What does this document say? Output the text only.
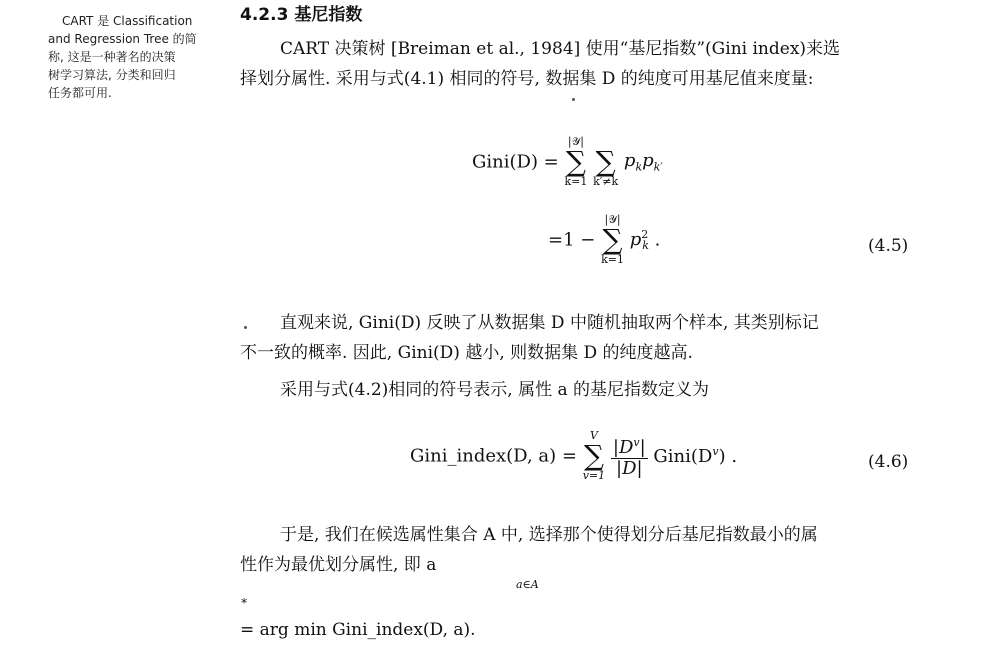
CART 是 Classification
and Regression Tree 的简
称, 这是一种著名的决策
树学习算法, 分类和回归
任务都可用.
4.2.3 基尼指数
CART 决策树 [Breiman et al., 1984] 使用“基尼指数”(Gini index)来选
择划分属性. 采用与式(4.1) 相同的符号, 数据集 D 的纯度可用基尼值来度量:
Gini(D) =
|𝒴|
∑
k=1

∑
k′≠k
$p_kp_{k'}$
=1 −
|𝒴|
∑
k=1
$p^2_k$ .	(4.5)
直观来说, Gini(D) 反映了从数据集 D 中随机抽取两个样本, 其类别标记
不一致的概率. 因此, Gini(D) 越小, 则数据集 D 的纯度越高.
采用与式(4.2)相同的符号表示, 属性 a 的基尼指数定义为
Gini_index(D, a) =
V
∑
v=1
$\frac{|D^v|}{|D|}$ $Gini(D^v)$ .	(4.6)
于是, 我们在候选属性集合 A 中, 选择那个使得划分后基尼指数最小的属
性作为最优划分属性, 即 a
$_∗$
= arg min Gini_index(D, a).
a∈A
